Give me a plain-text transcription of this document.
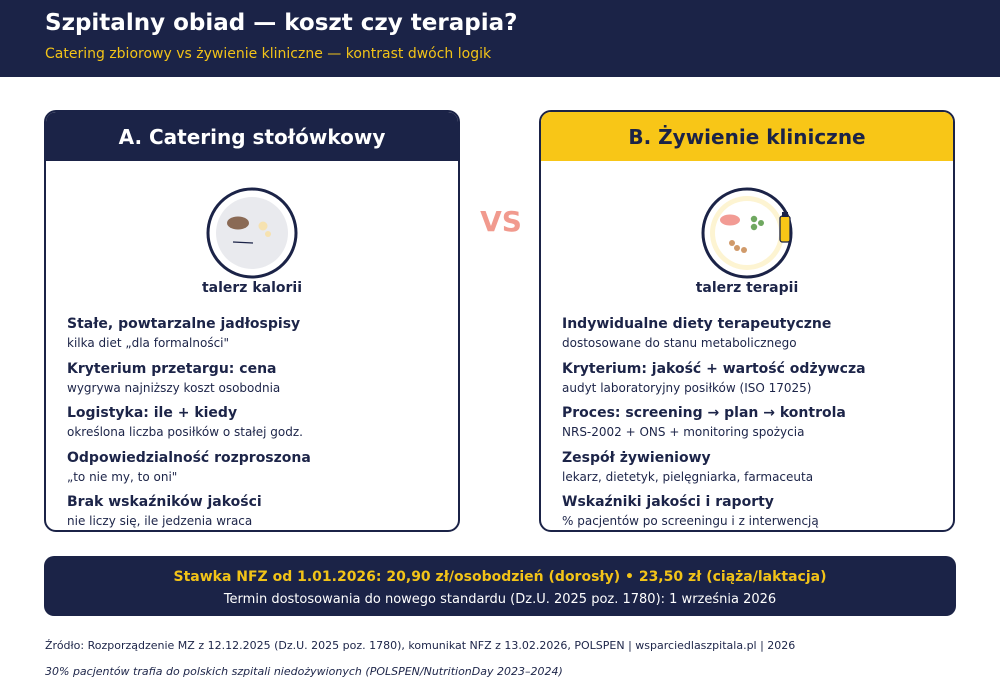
Szpitalny obiad — koszt czy terapia?
Catering zbiorowy vs żywienie kliniczne — kontrast dwóch logik
A. Catering stołówkowy
talerz kalorii
Stałe, powtarzalne jadłospisy
kilka diet „dla formalności"
Kryterium przetargu: cena
wygrywa najniższy koszt osobodnia
Logistyka: ile + kiedy
określona liczba posiłków o stałej godz.
Odpowiedzialność rozproszona
„to nie my, to oni"
Brak wskaźników jakości
nie liczy się, ile jedzenia wraca
VS
B. Żywienie kliniczne
talerz terapii
Indywidualne diety terapeutyczne
dostosowane do stanu metabolicznego
Kryterium: jakość + wartość odżywcza
audyt laboratoryjny posiłków (ISO 17025)
Proces: screening → plan → kontrola
NRS-2002 + ONS + monitoring spożycia
Zespół żywieniowy
lekarz, dietetyk, pielęgniarka, farmaceuta
Wskaźniki jakości i raporty
% pacjentów po screeningu i z interwencją
Stawka NFZ od 1.01.2026: 20,90 zł/osobodzień (dorosły) • 23,50 zł (ciąża/laktacja)
Termin dostosowania do nowego standardu (Dz.U. 2025 poz. 1780): 1 września 2026
Źródło: Rozporządzenie MZ z 12.12.2025 (Dz.U. 2025 poz. 1780), komunikat NFZ z 13.02.2026, POLSPEN | wsparciedlaszpitala.pl | 2026
30% pacjentów trafia do polskich szpitali niedożywionych (POLSPEN/NutritionDay 2023–2024)
